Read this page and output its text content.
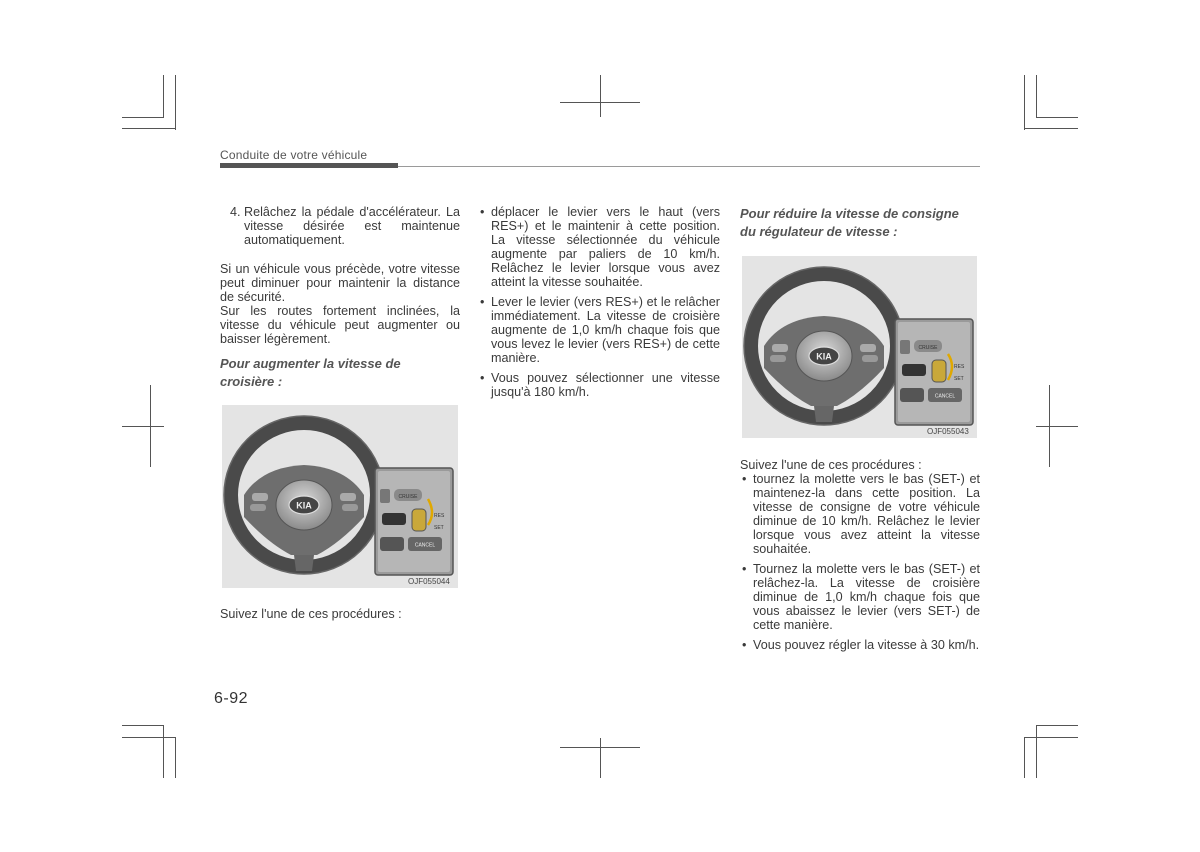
Conduite de votre véhicule
4. Relâchez la pédale d'accélérateur. La vitesse désirée est maintenue automatiquement.
Si un véhicule vous précède, votre vitesse peut diminuer pour maintenir la distance de sécurité.
Sur les routes fortement inclinées, la vitesse du véhicule peut augmenter ou baisser légèrement.
Pour augmenter la vitesse de
croisière :
KIA
CRUISE
RES
SET
CANCEL
OJF055044
Suivez l'une de ces procédures :
• déplacer le levier vers le haut (vers RES+) et le maintenir à cette position. La vitesse sélectionnée du véhicule augmente par paliers de 10 km/h. Relâchez le levier lorsque vous avez atteint la vitesse souhaitée.
• Lever le levier (vers RES+) et le relâcher immédiatement. La vitesse de croisière augmente de 1,0 km/h chaque fois que vous levez le levier (vers RES+) de cette manière.
• Vous pouvez sélectionner une vitesse jusqu'à 180 km/h.
Pour réduire la vitesse de consigne
du régulateur de vitesse :
KIA
CRUISE
RES
SET
CANCEL
OJF055043
Suivez l'une de ces procédures :
• tournez la molette vers le bas (SET-) et maintenez-la dans cette position. La vitesse de consigne de votre véhicule diminue de 10 km/h. Relâchez le levier lorsque vous avez atteint la vitesse souhaitée.
• Tournez la molette vers le bas (SET-) et relâchez-la. La vitesse de croisière diminue de 1,0 km/h chaque fois que vous abaissez le levier (vers SET-) de cette manière.
• Vous pouvez régler la vitesse à 30 km/h.
6-92
